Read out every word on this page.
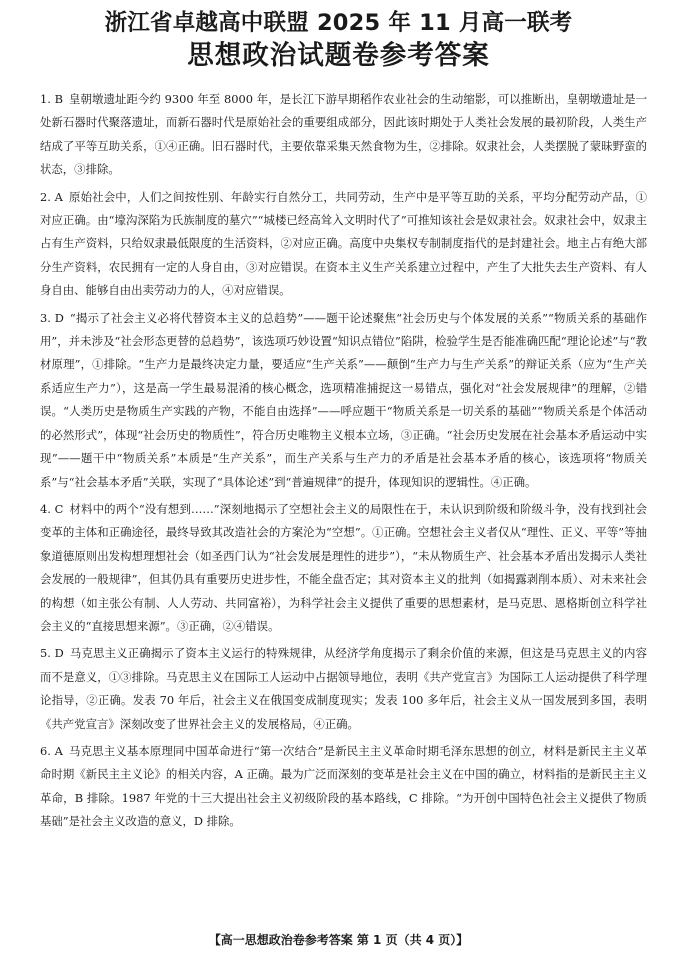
浙江省卓越高中联盟 2025 年 11 月高一联考
思想政治试题卷参考答案

1. B 皇朝墩遗址距今约 9300 年至 8000 年，是长江下游早期稻作农业社会的生动缩影，可以推断出，皇朝墩遗址是一处新石器时代聚落遗址，而新石器时代是原始社会的重要组成部分，因此该时期处于人类社会发展的最初阶段，人类生产结成了平等互助关系，①④正确。旧石器时代，主要依靠采集天然食物为生，②排除。奴隶社会，人类摆脱了蒙昧野蛮的状态，③排除。

2. A 原始社会中，人们之间按性别、年龄实行自然分工，共同劳动，生产中是平等互助的关系，平均分配劳动产品，①对应正确。由“壕沟深陷为氏族制度的墓穴”“城楼已经高耸入文明时代了”可推知该社会是奴隶社会。奴隶社会中，奴隶主占有生产资料，只给奴隶最低限度的生活资料，②对应正确。高度中央集权专制制度指代的是封建社会。地主占有绝大部分生产资料，农民拥有一定的人身自由，③对应错误。在资本主义生产关系建立过程中，产生了大批失去生产资料、有人身自由、能够自由出卖劳动力的人，④对应错误。

3. D “揭示了社会主义必将代替资本主义的总趋势”——题干论述聚焦“社会历史与个体发展的关系”“物质关系的基础作用”，并未涉及“社会形态更替的总趋势”，该选项巧妙设置“知识点错位”陷阱，检验学生是否能准确匹配“理论论述”与“教材原理”，①排除。“生产力是最终决定力量，要适应“生产关系”——颠倒“生产力与生产关系”的辩证关系（应为“生产关系适应生产力”），这是高一学生最易混淆的核心概念，选项精准捕捉这一易错点，强化对“社会发展规律”的理解，②错误。“人类历史是物质生产实践的产物，不能自由选择”——呼应题干“物质关系是一切关系的基础”“物质关系是个体活动的必然形式”，体现“社会历史的物质性”，符合历史唯物主义根本立场，③正确。“社会历史发展在社会基本矛盾运动中实现”——题干中“物质关系”本质是“生产关系”，而生产关系与生产力的矛盾是社会基本矛盾的核心，该选项将“物质关系”与“社会基本矛盾”关联，实现了“具体论述”到“普遍规律”的提升，体现知识的逻辑性。④正确。

4. C 材料中的两个“没有想到……”深刻地揭示了空想社会主义的局限性在于，未认识到阶级和阶级斗争，没有找到社会变革的主体和正确途径，最终导致其改造社会的方案沦为“空想”。①正确。空想社会主义者仅从“理性、正义、平等”等抽象道德原则出发构想理想社会（如圣西门认为“社会发展是理性的进步”），“未从物质生产、社会基本矛盾出发揭示人类社会发展的一般规律”，但其仍具有重要历史进步性，不能全盘否定；其对资本主义的批判（如揭露剥削本质）、对未来社会的构想（如主张公有制、人人劳动、共同富裕），为科学社会主义提供了重要的思想素材，是马克思、恩格斯创立科学社会主义的“直接思想来源”。③正确，②④错误。

5. D 马克思主义正确揭示了资本主义运行的特殊规律，从经济学角度揭示了剩余价值的来源，但这是马克思主义的内容而不是意义，①③排除。马克思主义在国际工人运动中占据领导地位，表明《共产党宣言》为国际工人运动提供了科学理论指导，②正确。发表 70 年后，社会主义在俄国变成制度现实；发表 100 多年后，社会主义从一国发展到多国，表明《共产党宣言》深刻改变了世界社会主义的发展格局，④正确。

6. A 马克思主义基本原理同中国革命进行“第一次结合”是新民主主义革命时期毛泽东思想的创立，材料是新民主主义革命时期《新民主主义论》的相关内容，A 正确。最为广泛而深刻的变革是社会主义在中国的确立，材料指的是新民主主义革命，B 排除。1987 年党的十三大提出社会主义初级阶段的基本路线，C 排除。“为开创中国特色社会主义提供了物质基础”是社会主义改造的意义，D 排除。

【高一思想政治卷参考答案 第 1 页（共 4 页）】
